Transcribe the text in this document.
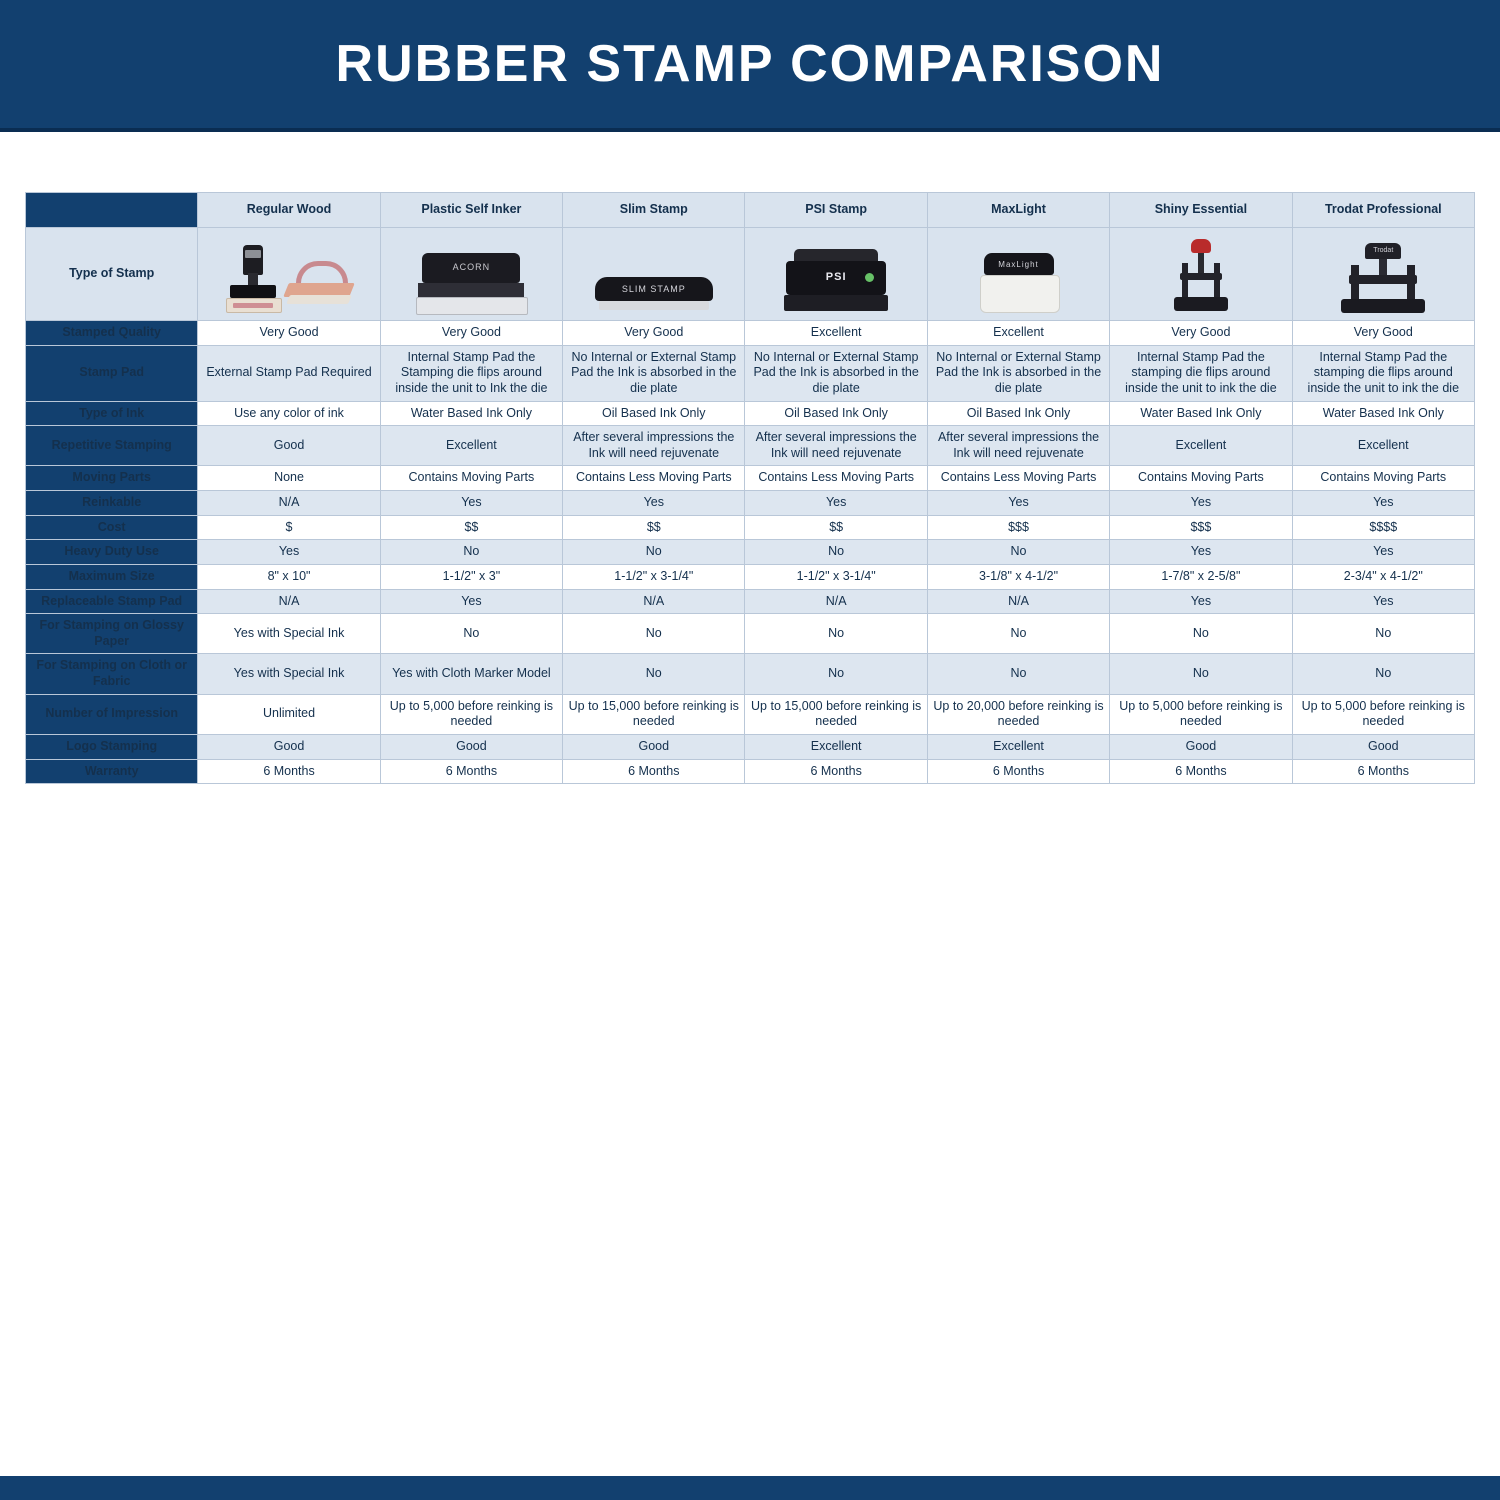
RUBBER STAMP COMPARISON
	Regular Wood	Plastic Self Inker	Slim Stamp	PSI Stamp	MaxLight	Shiny Essential	Trodat Professional
Type of Stamp		ACORN	SLIM STAMP	PSI	MaxLight		Trodat

Stamped Quality	Very Good	Very Good	Very Good	Excellent	Excellent	Very Good	Very Good
Stamp Pad	External Stamp Pad Required	Internal Stamp Pad the Stamping die flips around inside the unit to Ink the die	No Internal or External Stamp Pad the Ink is absorbed in the die plate	No Internal or External Stamp Pad the Ink is absorbed in the die plate	No Internal or External Stamp Pad the Ink is absorbed in the die plate	Internal Stamp Pad the stamping die flips around inside the unit to ink the die	Internal Stamp Pad the stamping die flips around inside the unit to ink the die
Type of Ink	Use any color of ink	Water Based Ink Only	Oil Based Ink Only	Oil Based Ink Only	Oil Based Ink Only	Water Based Ink Only	Water Based Ink Only
Repetitive Stamping	Good	Excellent	After several impressions the Ink will need rejuvenate	After several impressions the Ink will need rejuvenate	After several impressions the Ink will need rejuvenate	Excellent	Excellent
Moving Parts	None	Contains Moving Parts	Contains Less Moving Parts	Contains Less Moving Parts	Contains Less Moving Parts	Contains Moving Parts	Contains Moving Parts
Reinkable	N/A	Yes	Yes	Yes	Yes	Yes	Yes
Cost	$	$$	$$	$$	$$$	$$$	$$$$
Heavy Duty Use	Yes	No	No	No	No	Yes	Yes
Maximum Size	8" x 10"	1-1/2" x 3"	1-1/2" x 3-1/4"	1-1/2" x 3-1/4"	3-1/8" x 4-1/2"	1-7/8" x 2-5/8"	2-3/4" x 4-1/2"
Replaceable Stamp Pad	N/A	Yes	N/A	N/A	N/A	Yes	Yes
For Stamping on Glossy Paper	Yes with Special Ink	No	No	No	No	No	No
For Stamping on Cloth or Fabric	Yes with Special Ink	Yes with Cloth Marker Model	No	No	No	No	No
Number of Impression	Unlimited	Up to 5,000 before reinking is needed	Up to 15,000 before reinking is needed	Up to 15,000 before reinking is needed	Up to 20,000 before reinking is needed	Up to 5,000 before reinking is needed	Up to 5,000 before reinking is needed
Logo Stamping	Good	Good	Good	Excellent	Excellent	Good	Good
Warranty	6 Months	6 Months	6 Months	6 Months	6 Months	6 Months	6 Months
